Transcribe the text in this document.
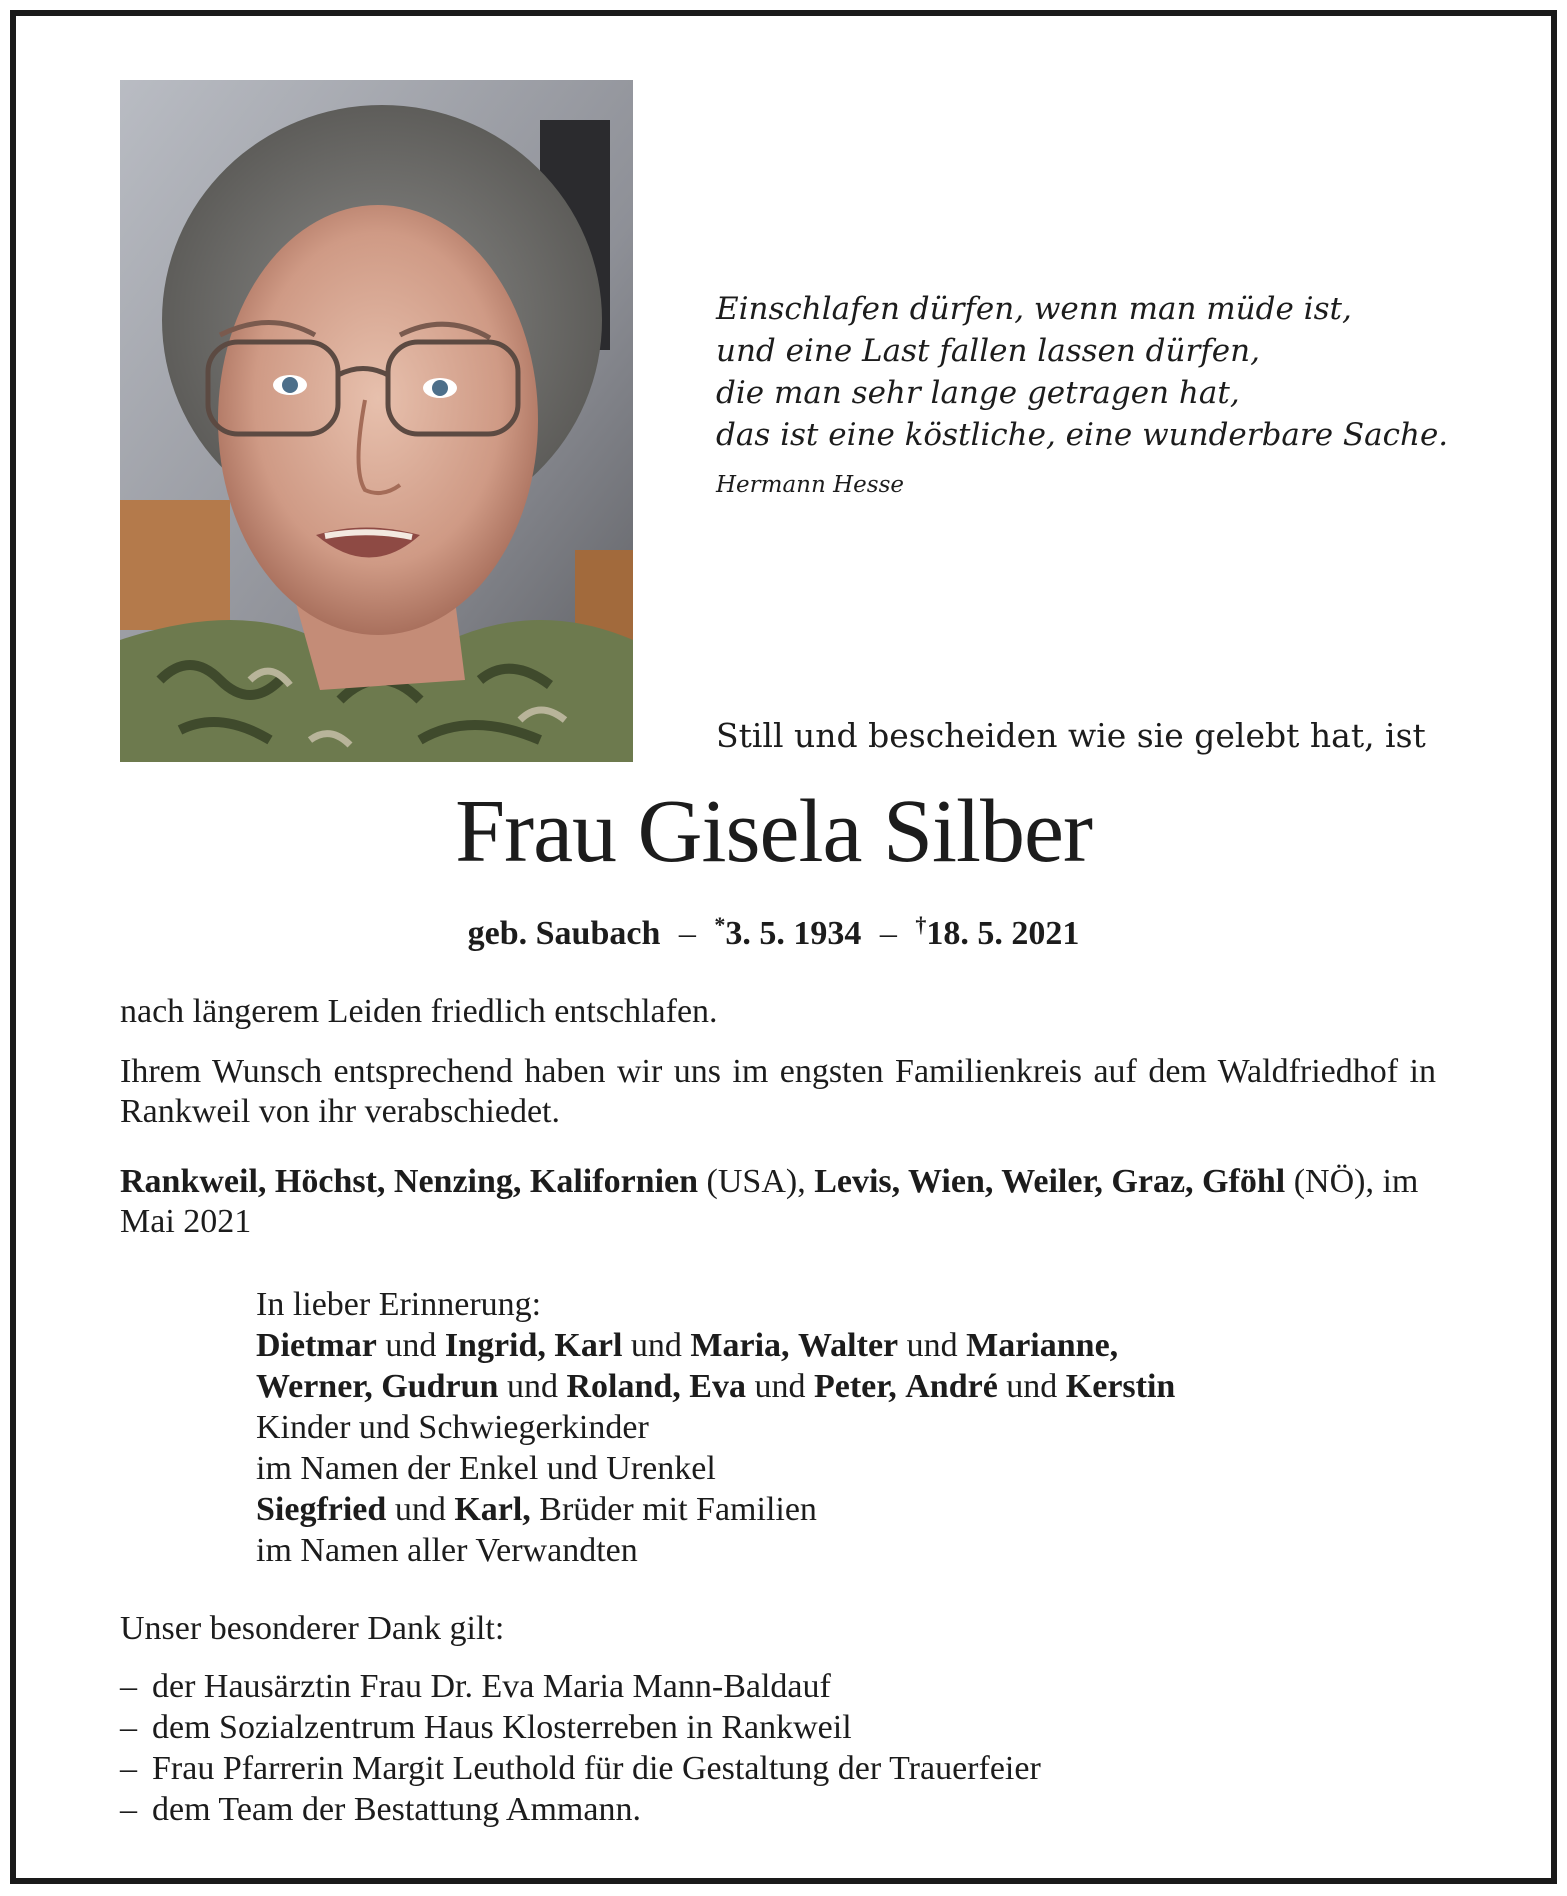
Einschlafen dürfen, wenn man müde ist,
und eine Last fallen lassen dürfen,
die man sehr lange getragen hat,
das ist eine köstliche, eine wunderbare Sache.
Hermann Hesse
Still und bescheiden wie sie gelebt hat, ist
Frau Gisela Silber
geb. Saubach – *3. 5. 1934 – †18. 5. 2021

nach längerem Leiden friedlich entschlafen.

Ihrem Wunsch entsprechend haben wir uns im engsten Familienkreis auf dem Waldfriedhof in Rankweil von ihr verabschiedet.

Rankweil, Höchst, Nenzing, Kalifornien (USA), Levis, Wien, Weiler, Graz, Gföhl (NÖ), im Mai 2021

In lieber Erinnerung:
Dietmar und Ingrid, Karl und Maria, Walter und Marianne,
Werner, Gudrun und Roland, Eva und Peter, André und Kerstin
Kinder und Schwiegerkinder
im Namen der Enkel und Urenkel
Siegfried und Karl, Brüder mit Familien
im Namen aller Verwandten
Unser besonderer Dank gilt:
– der Hausärztin Frau Dr. Eva Maria Mann-Baldauf
– dem Sozialzentrum Haus Klosterreben in Rankweil
– Frau Pfarrerin Margit Leuthold für die Gestaltung der Trauerfeier
– dem Team der Bestattung Ammann.
